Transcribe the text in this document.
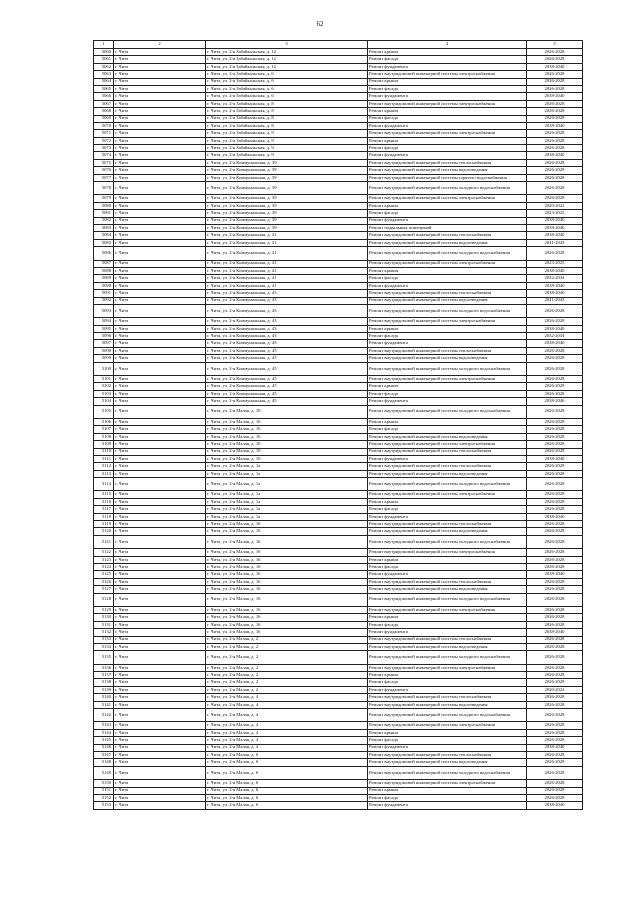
62
1	2	3	4	5
5060	г. Чита	г. Чита, ул. 2-я Забайкальская, д. 12	Ремонт крыши	2026-2028
5061	г. Чита	г. Чита, ул. 2-я Забайкальская, д. 12	Ремонт фасада	2026-2028
5062	г. Чита	г. Чита, ул. 2-я Забайкальская, д. 12	Ремонт фундамента	2038-2040
5063	г. Чита	г. Чита, ул. 2-я Забайкальская, д. 6	Ремонт внутридомовой инженерной системы электроснабжения	2026-2028
5064	г. Чита	г. Чита, ул. 2-я Забайкальская, д. 6	Ремонт крыши	2026-2028
5065	г. Чита	г. Чита, ул. 2-я Забайкальская, д. 6	Ремонт фасада	2026-2028
5066	г. Чита	г. Чита, ул. 2-я Забайкальская, д. 6	Ремонт фундамента	2038-2040
5067	г. Чита	г. Чита, ул. 2-я Забайкальская, д. 8	Ремонт внутридомовой инженерной системы электроснабжения	2026-2028
5068	г. Чита	г. Чита, ул. 2-я Забайкальская, д. 8	Ремонт крыши	2026-2028
5069	г. Чита	г. Чита, ул. 2-я Забайкальская, д. 8	Ремонт фасада	2026-2028
5070	г. Чита	г. Чита, ул. 2-я Забайкальская, д. 8	Ремонт фундамента	2038-2040
5071	г. Чита	г. Чита, ул. 2-я Забайкальская, д. 9	Ремонт внутридомовой инженерной системы электроснабжения	2026-2028
5072	г. Чита	г. Чита, ул. 2-я Забайкальская, д. 9	Ремонт крыши	2026-2028
5073	г. Чита	г. Чита, ул. 2-я Забайкальская, д. 9	Ремонт фасада	2026-2028
5074	г. Чита	г. Чита, ул. 2-я Забайкальская, д. 9	Ремонт фундамента	2038-2040
5075	г. Чита	г. Чита, ул. 2-я Коммунальная, д. 39	Ремонт внутридомовой инженерной системы теплоснабжения	2026-2028
5076	г. Чита	г. Чита, ул. 2-я Коммунальная, д. 39	Ремонт внутридомовой инженерной системы водоотведения	2026-2028
5077	г. Чита	г. Чита, ул. 2-я Коммунальная, д. 39	Ремонт внутридомовой инженерной системы горячего водоснабжения	2026-2028
5078	г. Чита	г. Чита, ул. 2-я Коммунальная, д. 39	Ремонт внутридомовой инженерной системы холодного водоснабжения	2026-2028
5079	г. Чита	г. Чита, ул. 2-я Коммунальная, д. 39	Ремонт внутридомовой инженерной системы электроснабжения	2026-2028
5080	г. Чита	г. Чита, ул. 2-я Коммунальная, д. 39	Ремонт крыши	2020-2022
5081	г. Чита	г. Чита, ул. 2-я Коммунальная, д. 39	Ремонт фасада	2023-2025
5082	г. Чита	г. Чита, ул. 2-я Коммунальная, д. 39	Ремонт фундамента	2038-2040
5083	г. Чита	г. Чита, ул. 2-я Коммунальная, д. 39	Ремонт подвальных помещений	2038-2040
5084	г. Чита	г. Чита, ул. 2-я Коммунальная, д. 41	Ремонт внутридомовой инженерной системы теплоснабжения	2038-2040
5085	г. Чита	г. Чита, ул. 2-я Коммунальная, д. 41	Ремонт внутридомовой инженерной системы водоотведения	2041-2043
5086	г. Чита	г. Чита, ул. 2-я Коммунальная, д. 41	Ремонт внутридомовой инженерной системы холодного водоснабжения	2026-2028
5087	г. Чита	г. Чита, ул. 2-я Коммунальная, д. 41	Ремонт внутридомовой инженерной системы электроснабжения	2023-2025
5088	г. Чита	г. Чита, ул. 2-я Коммунальная, д. 41	Ремонт крыши	2038-2040
5089	г. Чита	г. Чита, ул. 2-я Коммунальная, д. 41	Ремонт фасада	2032-2034
5090	г. Чита	г. Чита, ул. 2-я Коммунальная, д. 41	Ремонт фундамента	2038-2040
5091	г. Чита	г. Чита, ул. 2-я Коммунальная, д. 43	Ремонт внутридомовой инженерной системы теплоснабжения	2038-2040
5092	г. Чита	г. Чита, ул. 2-я Коммунальная, д. 43	Ремонт внутридомовой инженерной системы водоотведения	2041-2043
5093	г. Чита	г. Чита, ул. 2-я Коммунальная, д. 43	Ремонт внутридомовой инженерной системы холодного водоснабжения	2026-2028
5094	г. Чита	г. Чита, ул. 2-я Коммунальная, д. 43	Ремонт внутридомовой инженерной системы электроснабжения	2026-2028
5095	г. Чита	г. Чита, ул. 2-я Коммунальная, д. 43	Ремонт крыши	2038-2040
5096	г. Чита	г. Чита, ул. 2-я Коммунальная, д. 43	Ремонт фасада	2032-2034
5097	г. Чита	г. Чита, ул. 2-я Коммунальная, д. 43	Ремонт фундамента	2038-2040
5098	г. Чита	г. Чита, ул. 2-я Коммунальная, д. 45	Ремонт внутридомовой инженерной системы теплоснабжения	2026-2028
5099	г. Чита	г. Чита, ул. 2-я Коммунальная, д. 45	Ремонт внутридомовой инженерной системы водоотведения	2026-2028
5100	г. Чита	г. Чита, ул. 2-я Коммунальная, д. 45	Ремонт внутридомовой инженерной системы холодного водоснабжения	2026-2028
5101	г. Чита	г. Чита, ул. 2-я Коммунальная, д. 45	Ремонт внутридомовой инженерной системы электроснабжения	2026-2028
5102	г. Чита	г. Чита, ул. 2-я Коммунальная, д. 45	Ремонт крыши	2026-2028
5103	г. Чита	г. Чита, ул. 2-я Коммунальная, д. 45	Ремонт фасада	2026-2028
5104	г. Чита	г. Чита, ул. 2-я Коммунальная, д. 45	Ремонт фундамента	2038-2040
5105	г. Чита	г. Чита, ул. 2-я Малая, д. 10	Ремонт внутридомовой инженерной системы холодного водоснабжения	2026-2028
5106	г. Чита	г. Чита, ул. 2-я Малая, д. 10	Ремонт крыши	2026-2028
5107	г. Чита	г. Чита, ул. 2-я Малая, д. 10	Ремонт фасада	2026-2028
5108	г. Чита	г. Чита, ул. 2-я Малая, д. 10	Ремонт внутридомовой инженерной системы водоотведения	2026-2028
5109	г. Чита	г. Чита, ул. 2-я Малая, д. 10	Ремонт внутридомовой инженерной системы электроснабжения	2026-2028
5110	г. Чита	г. Чита, ул. 2-я Малая, д. 10	Ремонт внутридомовой инженерной системы теплоснабжения	2026-2028
5111	г. Чита	г. Чита, ул. 2-я Малая, д. 10	Ремонт фундамента	2038-2040
5112	г. Чита	г. Чита, ул. 2-я Малая, д. 1а	Ремонт внутридомовой инженерной системы теплоснабжения	2026-2028
5113	г. Чита	г. Чита, ул. 2-я Малая, д. 1а	Ремонт внутридомовой инженерной системы водоотведения	2026-2028
5114	г. Чита	г. Чита, ул. 2-я Малая, д. 1а	Ремонт внутридомовой инженерной системы холодного водоснабжения	2026-2028
5115	г. Чита	г. Чита, ул. 2-я Малая, д. 1а	Ремонт внутридомовой инженерной системы электроснабжения	2026-2028
5116	г. Чита	г. Чита, ул. 2-я Малая, д. 1а	Ремонт крыши	2026-2028
5117	г. Чита	г. Чита, ул. 2-я Малая, д. 1а	Ремонт фасада	2026-2028
5118	г. Чита	г. Чита, ул. 2-я Малая, д. 1а	Ремонт фундамента	2038-2040
5119	г. Чита	г. Чита, ул. 2-я Малая, д. 16	Ремонт внутридомовой инженерной системы теплоснабжения	2026-2028
5120	г. Чита	г. Чита, ул. 2-я Малая, д. 16	Ремонт внутридомовой инженерной системы водоотведения	2026-2028
5121	г. Чита	г. Чита, ул. 2-я Малая, д. 16	Ремонт внутридомовой инженерной системы холодного водоснабжения	2026-2028
5122	г. Чита	г. Чита, ул. 2-я Малая, д. 16	Ремонт внутридомовой инженерной системы электроснабжения	2026-2028
5123	г. Чита	г. Чита, ул. 2-я Малая, д. 16	Ремонт крыши	2026-2028
5124	г. Чита	г. Чита, ул. 2-я Малая, д. 16	Ремонт фасада	2026-2028
5125	г. Чита	г. Чита, ул. 2-я Малая, д. 16	Ремонт фундамента	2038-2040
5126	г. Чита	г. Чита, ул. 2-я Малая, д. 16	Ремонт внутридомовой инженерной системы теплоснабжения	2026-2028
5127	г. Чита	г. Чита, ул. 2-я Малая, д. 16	Ремонт внутридомовой инженерной системы водоотведения	2026-2028
5128	г. Чита	г. Чита, ул. 2-я Малая, д. 16	Ремонт внутридомовой инженерной системы холодного водоснабжения	2026-2028
5129	г. Чита	г. Чита, ул. 2-я Малая, д. 16	Ремонт внутридомовой инженерной системы электроснабжения	2026-2028
5130	г. Чита	г. Чита, ул. 2-я Малая, д. 16	Ремонт крыши	2026-2028
5131	г. Чита	г. Чита, ул. 2-я Малая, д. 16	Ремонт фасада	2026-2028
5132	г. Чита	г. Чита, ул. 2-я Малая, д. 16	Ремонт фундамента	2038-2040
5133	г. Чита	г. Чита, ул. 2-я Малая, д. 2	Ремонт внутридомовой инженерной системы теплоснабжения	2026-2028
5134	г. Чита	г. Чита, ул. 2-я Малая, д. 2	Ремонт внутридомовой инженерной системы водоотведения	2026-2028
5135	г. Чита	г. Чита, ул. 2-я Малая, д. 2	Ремонт внутридомовой инженерной системы холодного водоснабжения	2026-2028
5136	г. Чита	г. Чита, ул. 2-я Малая, д. 2	Ремонт внутридомовой инженерной системы электроснабжения	2026-2028
5137	г. Чита	г. Чита, ул. 2-я Малая, д. 2	Ремонт крыши	2026-2028
5138	г. Чита	г. Чита, ул. 2-я Малая, д. 2	Ремонт фасада	2026-2028
5139	г. Чита	г. Чита, ул. 2-я Малая, д. 2	Ремонт фундамента	2020-2022
5140	г. Чита	г. Чита, ул. 2-я Малая, д. 4	Ремонт внутридомовой инженерной системы теплоснабжения	2026-2028
5141	г. Чита	г. Чита, ул. 2-я Малая, д. 4	Ремонт внутридомовой инженерной системы водоотведения	2026-2028
5142	г. Чита	г. Чита, ул. 2-я Малая, д. 4	Ремонт внутридомовой инженерной системы холодного водоснабжения	2026-2028
5143	г. Чита	г. Чита, ул. 2-я Малая, д. 4	Ремонт внутридомовой инженерной системы электроснабжения	2026-2028
5144	г. Чита	г. Чита, ул. 2-я Малая, д. 4	Ремонт крыши	2026-2028
5145	г. Чита	г. Чита, ул. 2-я Малая, д. 4	Ремонт фасада	2026-2028
5146	г. Чита	г. Чита, ул. 2-я Малая, д. 4	Ремонт фундамента	2038-2040
5147	г. Чита	г. Чита, ул. 2-я Малая, д. 6	Ремонт внутридомовой инженерной системы теплоснабжения	2026-2028
5148	г. Чита	г. Чита, ул. 2-я Малая, д. 6	Ремонт внутридомовой инженерной системы водоотведения	2026-2028
5149	г. Чита	г. Чита, ул. 2-я Малая, д. 6	Ремонт внутридомовой инженерной системы холодного водоснабжения	2026-2028
5150	г. Чита	г. Чита, ул. 2-я Малая, д. 6	Ремонт внутридомовой инженерной системы электроснабжения	2026-2028
5151	г. Чита	г. Чита, ул. 2-я Малая, д. 6	Ремонт крыши	2026-2028
5152	г. Чита	г. Чита, ул. 2-я Малая, д. 6	Ремонт фасада	2026-2028
5153	г. Чита	г. Чита, ул. 2-я Малая, д. 6	Ремонт фундамента	2038-2040
